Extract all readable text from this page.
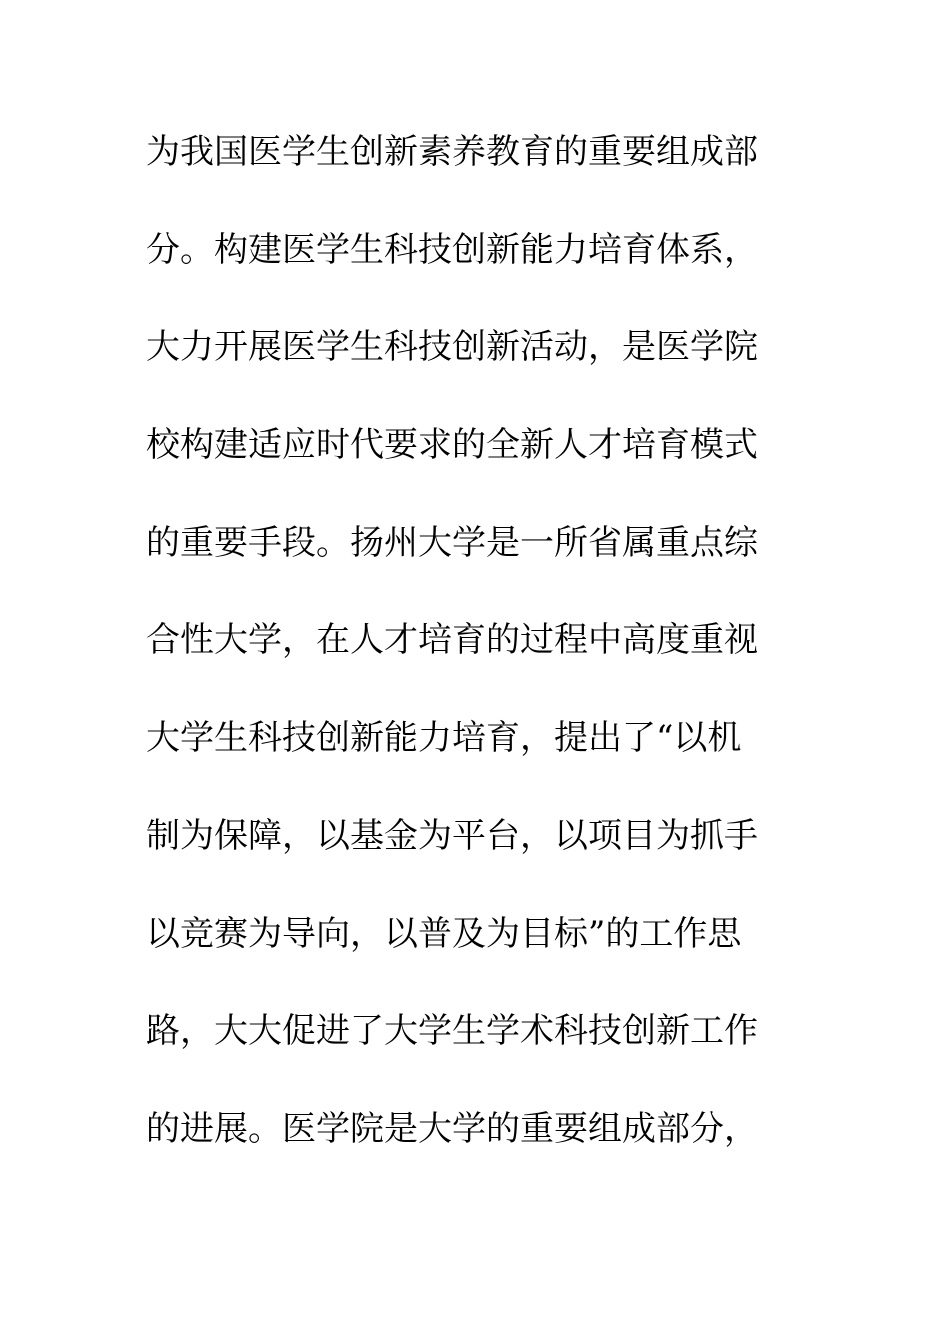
为我国医学生创新素养教育的重要组成部
分。构建医学生科技创新能力培育体系，
大力开展医学生科技创新活动，是医学院
校构建适应时代要求的全新人才培育模式
的重要手段。扬州大学是一所省属重点综
合性大学，在人才培育的过程中高度重视
大学生科技创新能力培育，提出了“以机
制为保障，以基金为平台，以项目为抓手
以竞赛为导向，以普及为目标”的工作思
路，大大促进了大学生学术科技创新工作
的进展。医学院是大学的重要组成部分，
